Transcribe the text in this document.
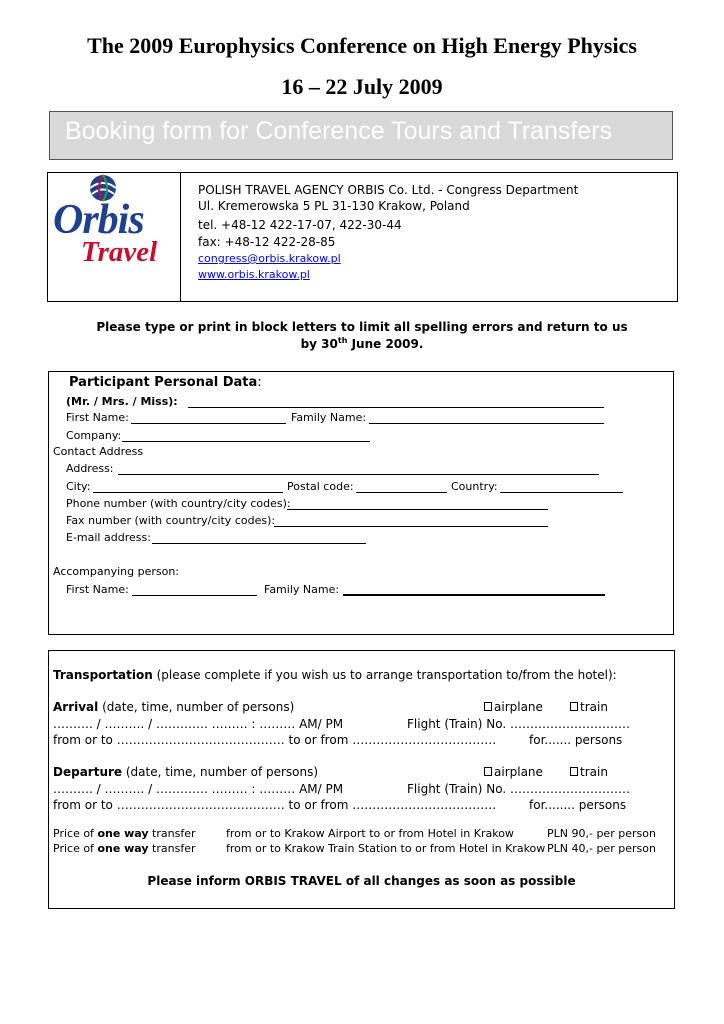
The 2009 Europhysics Conference on High Energy Physics
16 – 22 July 2009
Booking form for Conference Tours and Transfers
Orbis
Travel
POLISH TRAVEL AGENCY ORBIS Co. Ltd. - Congress Department
Ul. Kremerowska 5 PL 31-130 Krakow, Poland
tel. +48-12 422-17-07, 422-30-44
fax: +48-12 422-28-85
congress@orbis.krakow.pl
www.orbis.krakow.pl
Please type or print in block letters to limit all spelling errors and return to us
by 30th June 2009.
Participant Personal Data:
(Mr. / Mrs. / Miss):
First Name:	Family Name:
Company:
Contact Address
Address:
City:	Postal code:	Country:
Phone number (with country/city codes):
Fax number (with country/city codes):
E-mail address:
Accompanying person:
First Name:	Family Name:
Transportation (please complete if you wish us to arrange transportation to/from the hotel):
Arrival (date, time, number of persons)	airplane	train
………. / ………. / …………. ……… : ……… AM/ PM	Flight (Train) No. …………………………
from or to …………………………………… to or from ………………………………	for....... persons
Departure (date, time, number of persons)	airplane	train
………. / ………. / …………. ……… : ……… AM/ PM	Flight (Train) No. …………………………
from or to …………………………………… to or from ………………………………	for........ persons
Price of one way transfer	from or to Krakow Airport to or from Hotel in Krakow	PLN 90,- per person
Price of one way transfer	from or to Krakow Train Station to or from Hotel in Krakow PLN 40,- per person
Please inform ORBIS TRAVEL of all changes as soon as possible
